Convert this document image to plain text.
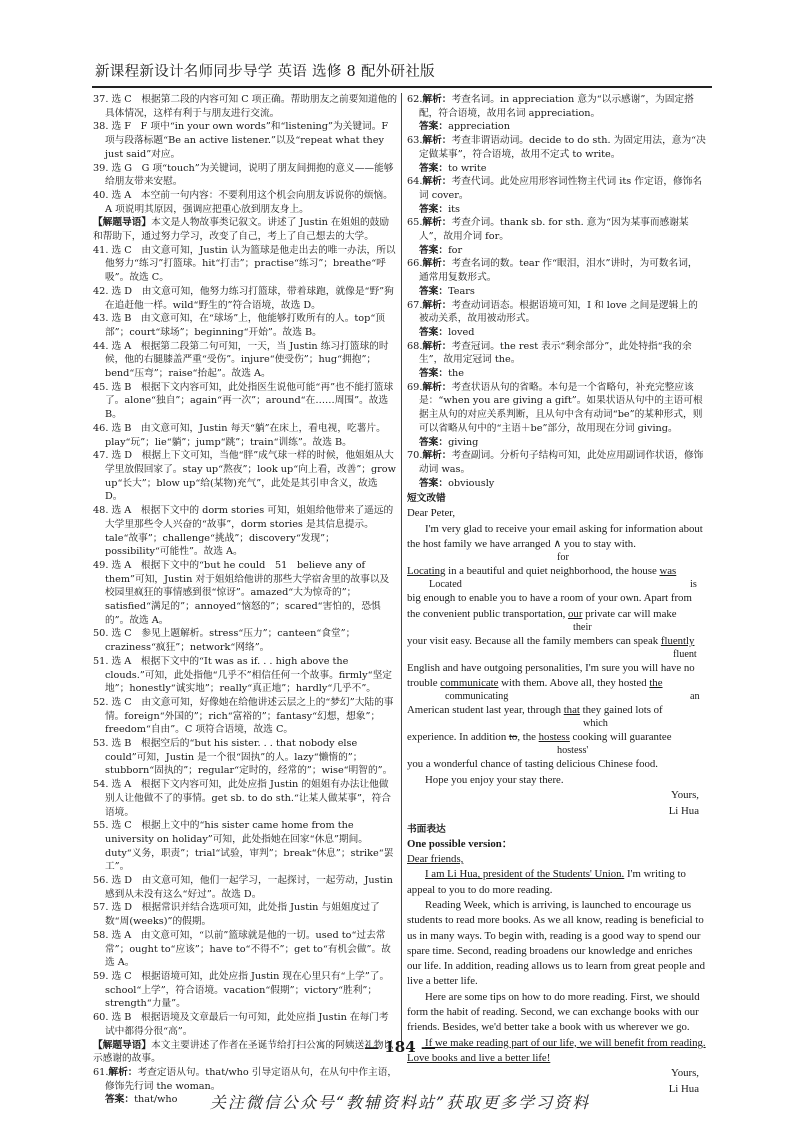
新课程新设计名师同步导学 英语 选修 8 配外研社版
37. 选 C　根据第二段的内容可知 C 项正确。帮助朋友之前要知道他的具体情况，这样有利于与朋友进行交流。
38. 选 F　F 项中“in your own words”和“listening”为关键词。F 项与段落标题“Be an active listener.”以及“repeat what they just said”对应。
39. 选 G　G 项“touch”为关键词，说明了朋友间拥抱的意义——能够给朋友带来安慰。
40. 选 A　本空前一句内容：不要利用这个机会向朋友诉说你的烦恼。A 项说明其原因，强调应把重心放到朋友身上。
【解题导语】本文是人物故事类记叙文。讲述了 Justin 在姐姐的鼓励和帮助下，通过努力学习，改变了自己，考上了自己想去的大学。
41. 选 C　由文意可知，Justin 认为篮球是他走出去的唯一办法，所以他努力“练习”打篮球。hit“打击”；practise“练习”；breathe“呼吸”。故选 C。
42. 选 D　由文意可知，他努力练习打篮球，带着球跑，就像是“野”狗在追赶他一样。wild“野生的”符合语境，故选 D。
43. 选 B　由文意可知，在“球场”上，他能够打败所有的人。top“顶部”；court“球场”；beginning“开始”。故选 B。
44. 选 A　根据第二段第二句可知，一天，当 Justin 练习打篮球的时候，他的右腿膝盖严重“受伤”。injure“使受伤”；hug“拥抱”；bend“压弯”；raise“抬起”。故选 A。
45. 选 B　根据下文内容可知，此处指医生说他可能“再”也不能打篮球了。alone“独自”；again“再一次”；around“在……周围”。故选 B。
46. 选 B　由文意可知，Justin 每天“躺”在床上，看电视，吃薯片。play“玩”；lie“躺”；jump“跳”；train“训练”。故选 B。
47. 选 D　根据上下文可知，当他“胖”成气球一样的时候，他姐姐从大学里放假回家了。stay up“熬夜”；look up“向上看，改善”；grow up“长大”；blow up“给(某物)充气”，此处是其引申含义，故选 D。
48. 选 A　根据下文中的 dorm stories 可知，姐姐给他带来了遥远的大学里那些令人兴奋的“故事”，dorm stories 是其信息提示。tale“故事”；challenge“挑战”；discovery“发现”；possibility“可能性”。故选 A。
49. 选 A　根据下文中的“but he could　51　believe any of them”可知，Justin 对于姐姐给他讲的那些大学宿舍里的故事以及校园里疯狂的事情感到很“惊讶”。amazed“大为惊奇的”；satisfied“满足的”；annoyed“恼怒的”；scared“害怕的，恐惧的”。故选 A。
50. 选 C　参见上题解析。stress“压力”；canteen“食堂”；craziness“疯狂”；network“网络”。
51. 选 A　根据下文中的“It was as if. . . high above the clouds.”可知，此处指他“几乎不”相信任何一个故事。firmly“坚定地”；honestly“诚实地”；really“真正地”；hardly“几乎不”。
52. 选 C　由文意可知，好像她在给他讲述云层之上的“梦幻”大陆的事情。foreign“外国的”；rich“富裕的”；fantasy“幻想，想象”；freedom“自由”。C 项符合语境，故选 C。
53. 选 B　根据空后的“but his sister. . . that nobody else could”可知，Justin 是一个很“固执”的人。lazy“懒惰的”；stubborn“固执的”；regular“定时的，经常的”；wise“明智的”。
54. 选 A　根据下文内容可知，此处应指 Justin 的姐姐有办法让他做别人让他做不了的事情。get sb. to do sth.“让某人做某事”，符合语境。
55. 选 C　根据上文中的“his sister came home from the university on holiday”可知，此处指她在回家“休息”期间。duty“义务，职责”；trial“试验，审判”；break“休息”；strike“罢工”。
56. 选 D　由文意可知，他们一起学习，一起探讨，一起劳动，Justin 感到从未没有这么“好过”。故选 D。
57. 选 D　根据常识并结合选项可知，此处指 Justin 与姐姐度过了数“周(weeks)”的假期。
58. 选 A　由文意可知，“以前”篮球就是他的一切。used to“过去常常”；ought to“应该”；have to“不得不”；get to“有机会做”。故选 A。
59. 选 C　根据语境可知，此处应指 Justin 现在心里只有“上学”了。school“上学”，符合语境。vacation“假期”；victory“胜利”；strength“力量”。
60. 选 B　根据语境及文章最后一句可知，此处应指 Justin 在每门考试中都得分很“高”。
【解题导语】本文主要讲述了作者在圣诞节给打扫公寓的阿姨送礼物以示感谢的故事。
61.解析：考查定语从句。that/who 引导定语从句，在从句中作主语，修饰先行词 the woman。
答案：that/who
62.解析：考查名词。in appreciation 意为“以示感谢”，为固定搭配，符合语境，故用名词 appreciation。
答案：appreciation
63.解析：考查非谓语动词。decide to do sth. 为固定用法，意为“决定做某事”，符合语境，故用不定式 to write。
答案：to write
64.解析：考查代词。此处应用形容词性物主代词 its 作定语，修饰名词 cover。
答案：its
65.解析：考查介词。thank sb. for sth. 意为“因为某事而感谢某人”，故用介词 for。
答案：for
66.解析：考查名词的数。tear 作“眼泪，泪水”讲时，为可数名词，通常用复数形式。
答案：Tears
67.解析：考查动词语态。根据语境可知，I 和 love 之间是逻辑上的被动关系，故用被动形式。
答案：loved
68.解析：考查冠词。the rest 表示“剩余部分”，此处特指“我的余生”，故用定冠词 the。
答案：the
69.解析：考查状语从句的省略。本句是一个省略句，补充完整应该是：“when you are giving a gift”。如果状语从句中的主语可根据主从句的对应关系判断，且从句中含有动词“be”的某种形式，则可以省略从句中的“主语＋be”部分，故用现在分词 giving。
答案：giving
70.解析：考查副词。分析句子结构可知，此处应用副词作状语，修饰动词 was。
答案：obviously
短文改错
Dear Peter,
I'm very glad to receive your email asking for information about
the host family we have arranged ∧ you to stay with.
for
Locating in a beautiful and quiet neighborhood, the house was
Located	is
big enough to enable you to have a room of your own. Apart from
the convenient public transportation, our private car will make
their
your visit easy. Because all the family members can speak fluently
fluent
English and have outgoing personalities, I'm sure you will have no
trouble communicate with them. Above all, they hosted the
communicating	an
American student last year, through that they gained lots of
which
experience. In addition to, the hostess cooking will guarantee
hostess'
you a wonderful chance of tasting delicious Chinese food.
Hope you enjoy your stay there.
Yours,
Li Hua
书面表达
One possible version：
Dear friends,
I am Li Hua, president of the Students' Union. I'm writing to appeal to you to do more reading.
Reading Week, which is arriving, is launched to encourage us students to read more books. As we all know, reading is beneficial to us in many ways. To begin with, reading is a good way to spend our spare time. Second, reading broadens our knowledge and enriches our life. In addition, reading allows us to learn from great people and live a better life.
Here are some tips on how to do more reading. First, we should form the habit of reading. Second, we can exchange books with our friends. Besides, we'd better take a book with us wherever we go.
If we make reading part of our life, we will benefit from reading. Love books and live a better life!
Yours,
Li Hua
— 184 —
关注微信公众号“教辅资料站”获取更多学习资料
